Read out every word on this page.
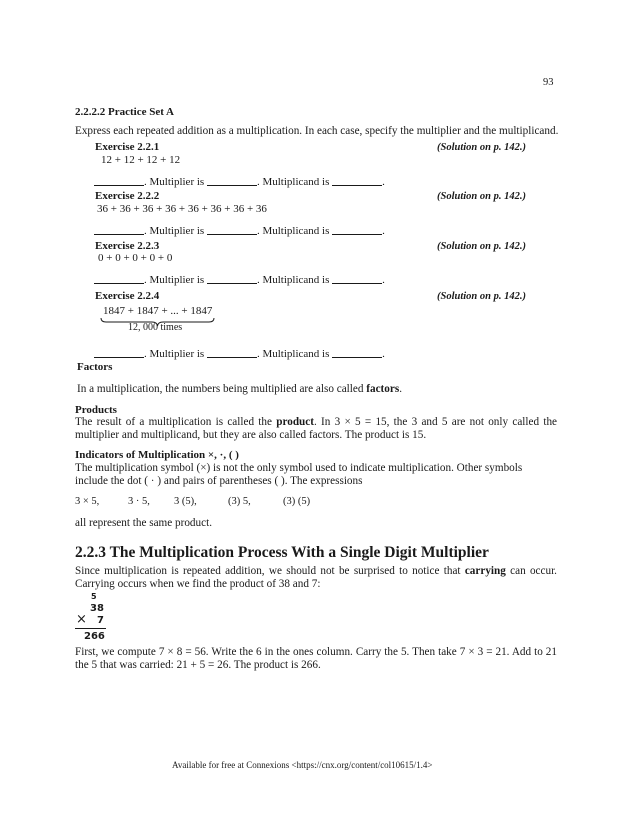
93
2.2.2.2 Practice Set A
Express each repeated addition as a multiplication. In each case, specify the multiplier and the multiplicand.
Exercise 2.2.1	(Solution on p. 142.)
12 + 12 + 12 + 12
. Multiplier is	. Multiplicand is	.
Exercise 2.2.2	(Solution on p. 142.)
36 + 36 + 36 + 36 + 36 + 36 + 36 + 36
. Multiplier is	. Multiplicand is	.
Exercise 2.2.3	(Solution on p. 142.)
0 + 0 + 0 + 0 + 0
. Multiplier is	. Multiplicand is	.
Exercise 2.2.4	(Solution on p. 142.)
1847 + 1847 + ... + 1847
12, 000 times
. Multiplier is	. Multiplicand is	.
Factors
In a multiplication, the numbers being multiplied are also called factors.
Products
The result of a multiplication is called the product. In 3 × 5 = 15, the 3 and 5 are not only called the multiplier and multiplicand, but they are also called factors. The product is 15.
Indicators of Multiplication ×, ·, ( )
The multiplication symbol (×) is not the only symbol used to indicate multiplication. Other symbols include the dot ( · ) and pairs of parentheses ( ). The expressions
3 × 5,	3 · 5, 3 (5),	(3) 5,	(3) (5)
all represent the same product.
2.2.3 The Multiplication Process With a Single Digit Multiplier
Since multiplication is repeated addition, we should not be surprised to notice that carrying can occur. Carrying occurs when we find the product of 38 and 7:
5
38
× 7
266
First, we compute 7 × 8 = 56. Write the 6 in the ones column. Carry the 5. Then take 7 × 3 = 21. Add to 21 the 5 that was carried: 21 + 5 = 26. The product is 266.
Available for free at Connexions <https://cnx.org/content/col10615/1.4>
